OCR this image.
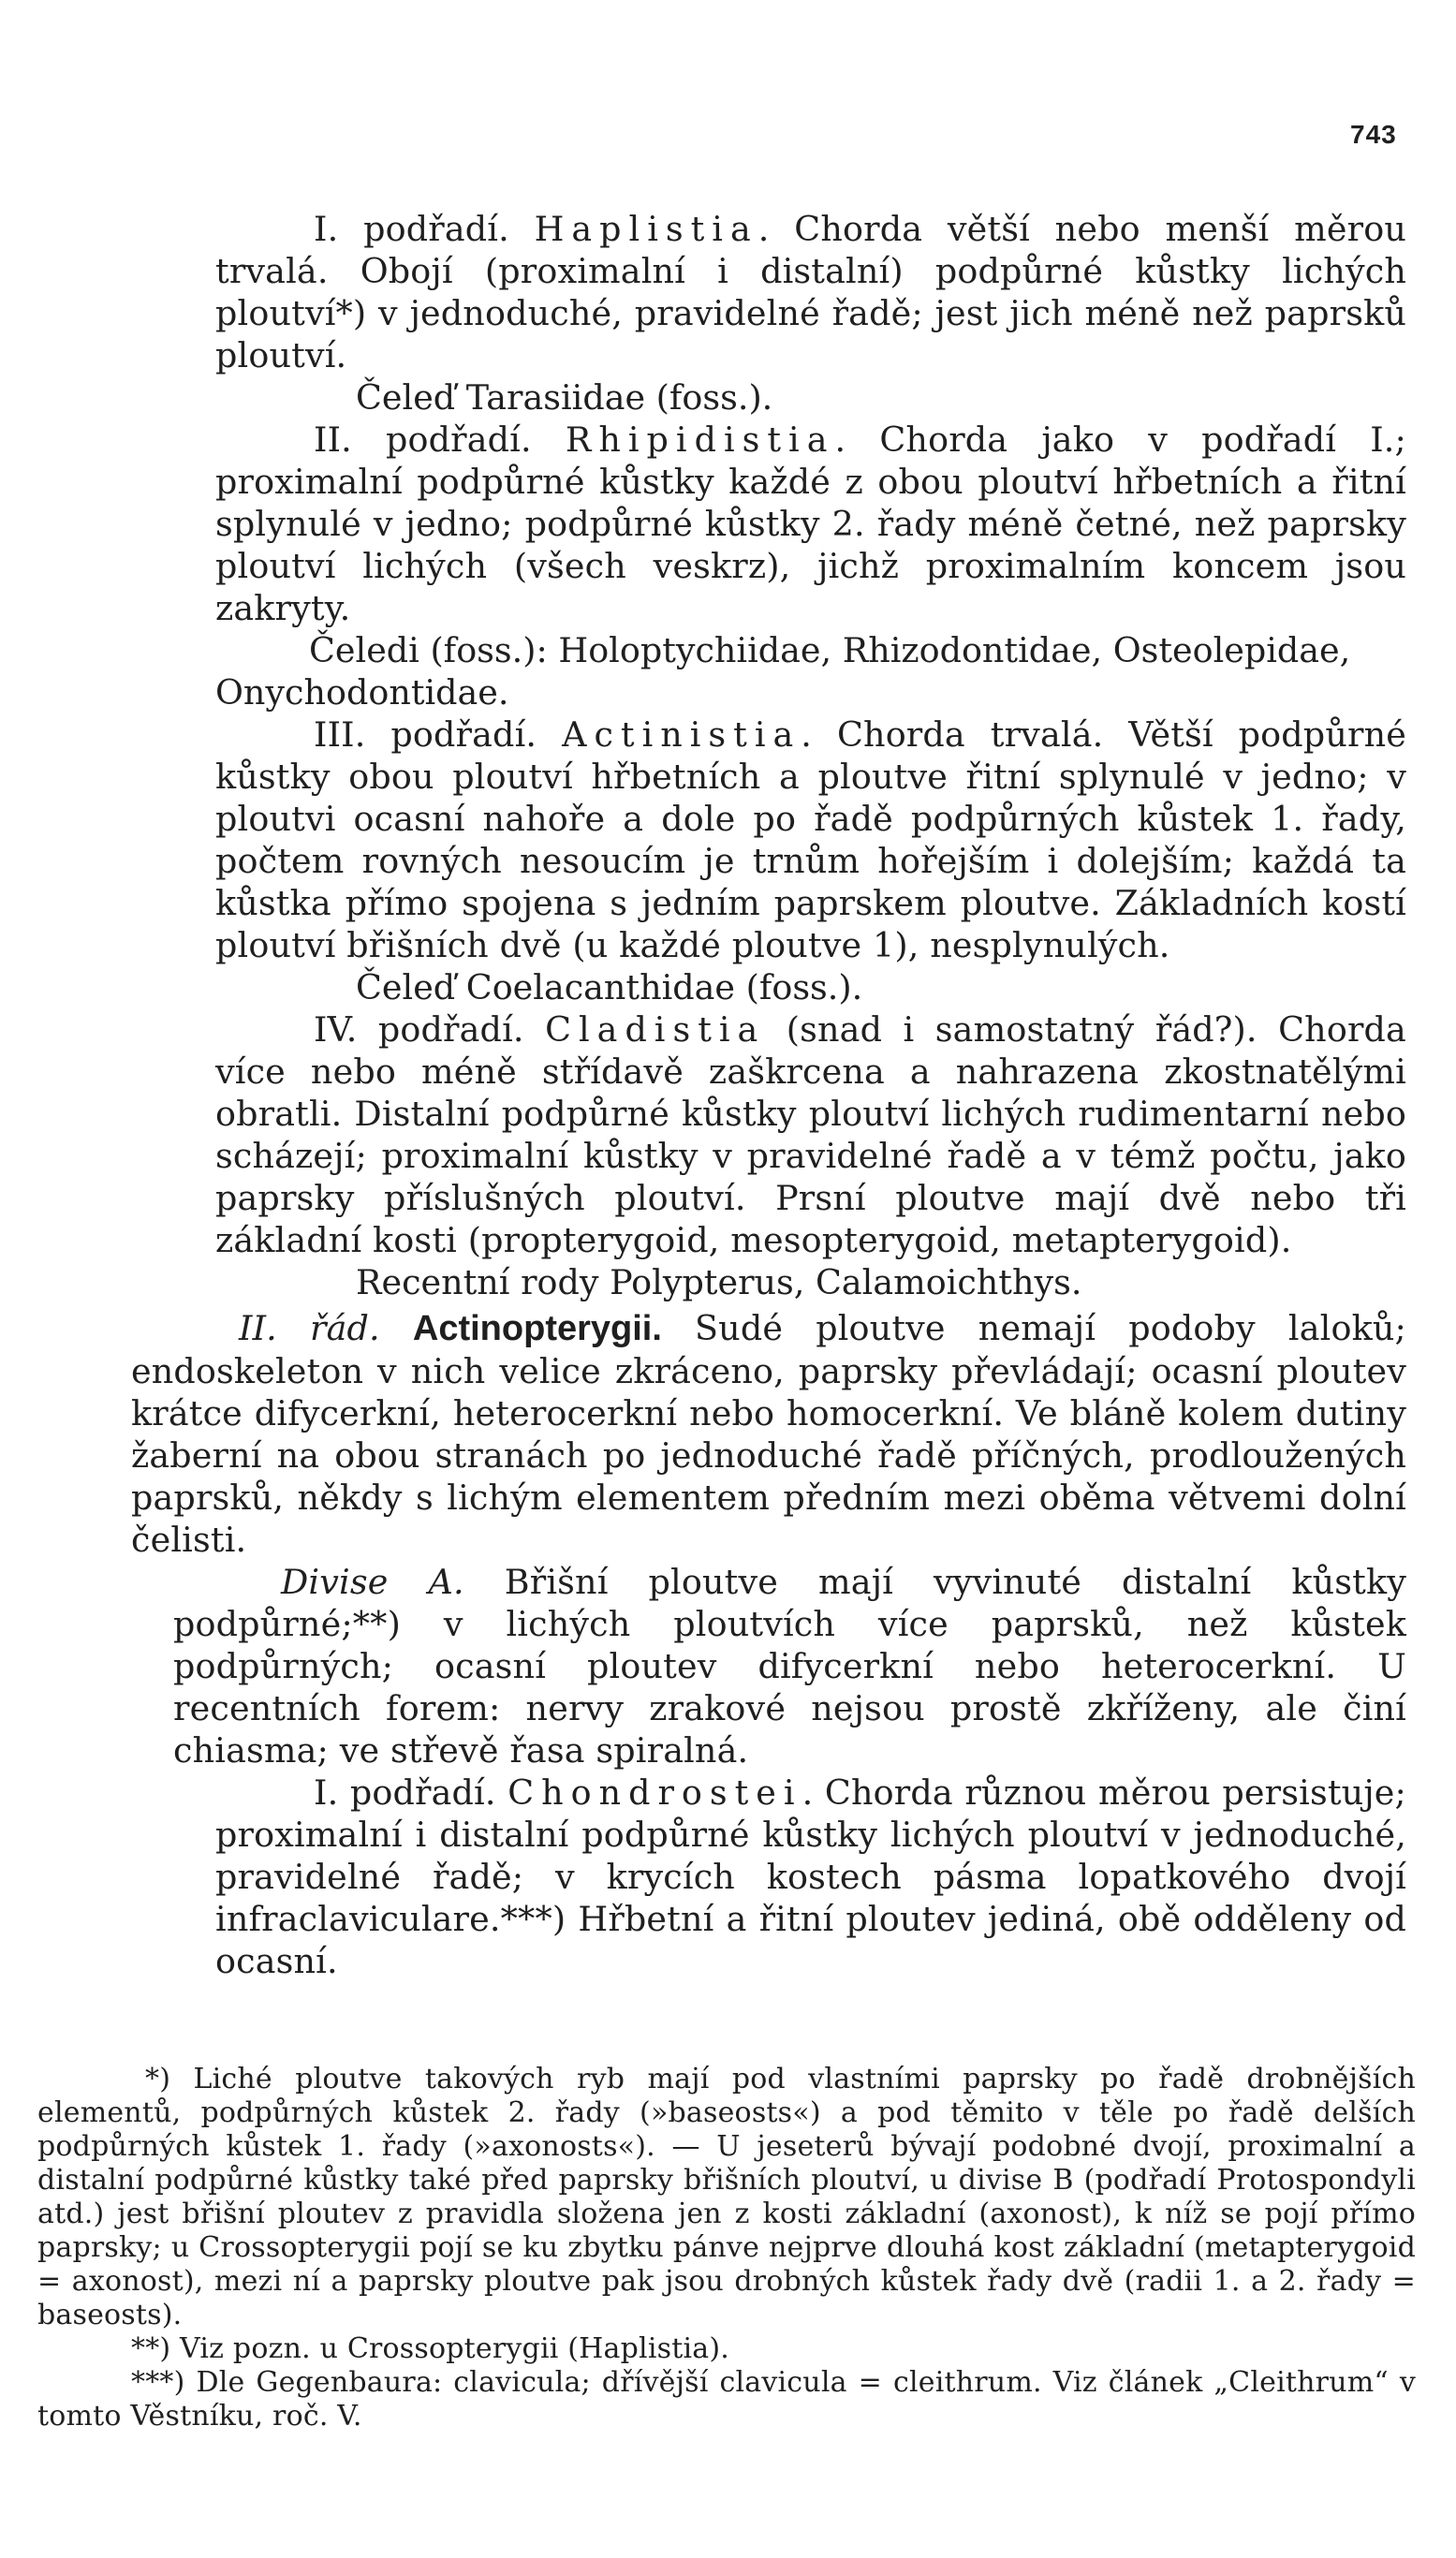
743

I. podřadí. Haplistia. Chorda větší nebo menší měrou trvalá. Obojí (proximalní i distalní) podpůrné kůstky lichých ploutví*) v jednoduché, pravidelné řadě; jest jich méně než paprsků ploutví.

Čeleď Tarasiidae (foss.).

II. podřadí. Rhipidistia. Chorda jako v podřadí I.; proximalní podpůrné kůstky každé z obou ploutví hřbetních a řitní splynulé v jedno; podpůrné kůstky 2. řady méně četné, než paprsky ploutví lichých (všech veskrz), jichž proximalním koncem jsou zakryty.

Čeledi (foss.): Holoptychiidae, Rhizodontidae, Osteolepidae, Onychodontidae.

III. podřadí. Actinistia. Chorda trvalá. Větší podpůrné kůstky obou ploutví hřbetních a ploutve řitní splynulé v jedno; v ploutvi ocasní nahoře a dole po řadě podpůrných kůstek 1. řady, počtem rovných nesoucím je trnům hořejším i dolejším; každá ta kůstka přímo spojena s jedním paprskem ploutve. Základních kostí ploutví břišních dvě (u každé ploutve 1), nesplynulých.

Čeleď Coelacanthidae (foss.).

IV. podřadí. Cladistia (snad i samostatný řád?). Chorda více nebo méně střídavě zaškrcena a nahrazena zkostnatělými obratli. Distalní podpůrné kůstky ploutví lichých rudimentarní nebo scházejí; proximalní kůstky v pravidelné řadě a v témž počtu, jako paprsky příslušných ploutví. Prsní ploutve mají dvě nebo tři základní kosti (propterygoid, mesopterygoid, metapterygoid).

Recentní rody Polypterus, Calamoichthys.

II. řád. Actinopterygii. Sudé ploutve nemají podoby laloků; endoskeleton v nich velice zkráceno, paprsky převládají; ocasní ploutev krátce difycerkní, heterocerkní nebo homocerkní. Ve bláně kolem dutiny žaberní na obou stranách po jednoduché řadě příčných, prodloužených paprsků, někdy s lichým elementem předním mezi oběma větvemi dolní čelisti.

Divise A. Břišní ploutve mají vyvinuté distalní kůstky podpůrné;**) v lichých ploutvích více paprsků, než kůstek podpůrných; ocasní ploutev difycerkní nebo heterocerkní. U recentních forem: nervy zrakové nejsou prostě zkříženy, ale činí chiasma; ve střevě řasa spiralná.

I. podřadí. Chondrostei. Chorda různou měrou persistuje; proximalní i distalní podpůrné kůstky lichých ploutví v jednoduché, pravidelné řadě; v krycích kostech pásma lopatkového dvojí infraclaviculare.***) Hřbetní a řitní ploutev jediná, obě odděleny od ocasní.

*) Liché ploutve takových ryb mají pod vlastními paprsky po řadě drobnějších elementů, podpůrných kůstek 2. řady (»baseosts«) a pod těmito v těle po řadě delších podpůrných kůstek 1. řady (»axonosts«). — U jeseterů bývají podobné dvojí, proximalní a distalní podpůrné kůstky také před paprsky břišních ploutví, u divise B (podřadí Protospondyli atd.) jest břišní ploutev z pravidla složena jen z kosti základní (axonost), k níž se pojí přímo paprsky; u Crossopterygii pojí se ku zbytku pánve nejprve dlouhá kost základní (metapterygoid = axonost), mezi ní a paprsky ploutve pak jsou drobných kůstek řady dvě (radii 1. a 2. řady = baseosts).

**) Viz pozn. u Crossopterygii (Haplistia).

***) Dle Gegenbaura: clavicula; dřívější clavicula = cleithrum. Viz článek „Cleithrum“ v tomto Věstníku, roč. V.
